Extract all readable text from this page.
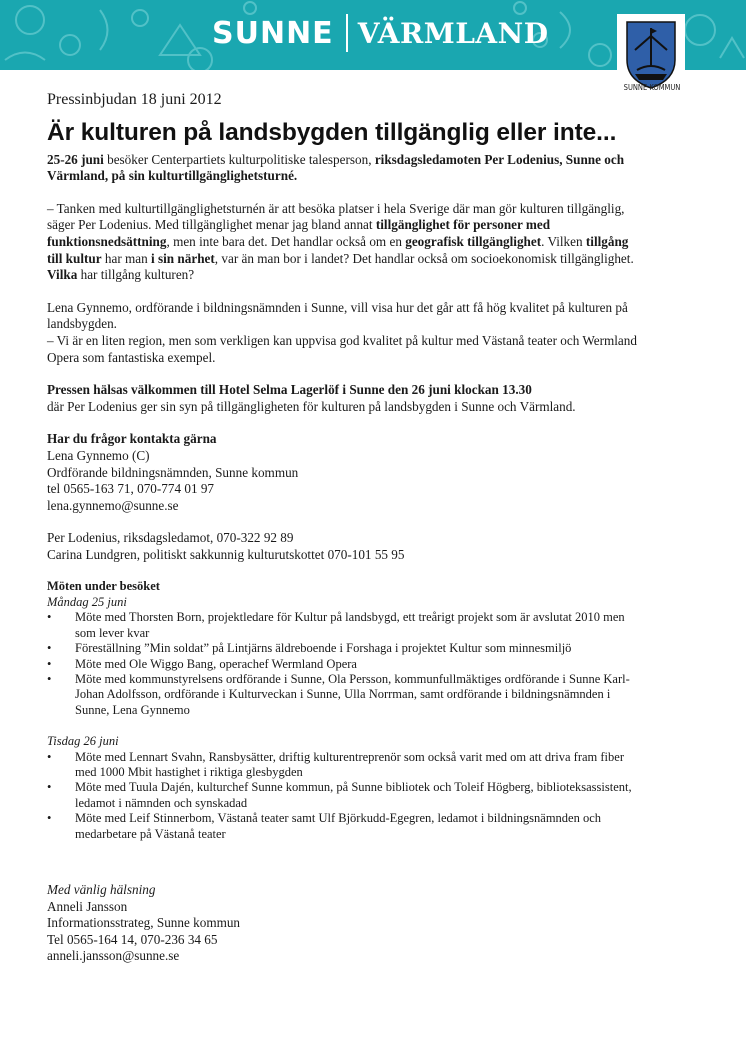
SUNNE VÄRMLAND
SUNNE KOMMUN

Pressinbjudan 18 juni 2012

Är kulturen på landsbygden tillgänglig eller inte...

25-26 juni besöker Centerpartiets kulturpolitiske talesperson, riksdagsledamoten Per Lodenius, Sunne och Värmland, på sin kulturtillgänglighetsturné.

– Tanken med kulturtillgänglighetsturnén är att besöka platser i hela Sverige där man gör kulturen tillgänglig, säger Per Lodenius. Med tillgänglighet menar jag bland annat tillgänglighet för personer med funktionsnedsättning, men inte bara det. Det handlar också om en geografisk tillgänglighet. Vilken tillgång till kultur har man i sin närhet, var än man bor i landet? Det handlar också om socioekonomisk tillgänglighet. Vilka har tillgång kulturen?

Lena Gynnemo, ordförande i bildningsnämnden i Sunne, vill visa hur det går att få hög kvalitet på kulturen på landsbygden.

– Vi är en liten region, men som verkligen kan uppvisa god kvalitet på kultur med Västanå teater och Wermland Opera som fantastiska exempel.

Pressen hälsas välkommen till Hotel Selma Lagerlöf i Sunne den 26 juni klockan 13.30

där Per Lodenius ger sin syn på tillgängligheten för kulturen på landsbygden i Sunne och Värmland.

Har du frågor kontakta gärna

Lena Gynnemo (C)

Ordförande bildningsnämnden, Sunne kommun

tel 0565-163 71, 070-774 01 97

lena.gynnemo@sunne.se

Per Lodenius, riksdagsledamot, 070-322 92 89

Carina Lundgren, politiskt sakkunnig kulturutskottet 070-101 55 95

Möten under besöket

Måndag 25 juni

• Möte med Thorsten Born, projektledare för Kultur på landsbygd, ett treårigt projekt som är avslutat 2010 men som lever kvar
• Föreställning ”Min soldat” på Lintjärns äldreboende i Forshaga i projektet Kultur som minnesmiljö
• Möte med Ole Wiggo Bang, operachef Wermland Opera
• Möte med kommunstyrelsens ordförande i Sunne, Ola Persson, kommunfullmäktiges ordförande i Sunne Karl-Johan Adolfsson, ordförande i Kulturveckan i Sunne, Ulla Norrman, samt ordförande i bildningsnämnden i Sunne, Lena Gynnemo

Tisdag 26 juni

• Möte med Lennart Svahn, Ransbysätter, driftig kulturentreprenör som också varit med om att driva fram fiber med 1000 Mbit hastighet i riktiga glesbygden
• Möte med Tuula Dajén, kulturchef Sunne kommun, på Sunne bibliotek och Toleif Högberg, biblioteksassistent, ledamot i nämnden och synskadad
• Möte med Leif Stinnerbom, Västanå teater samt Ulf Björkudd-Egegren, ledamot i bildningsnämnden och medarbetare på Västanå teater

Med vänlig hälsning

Anneli Jansson

Informationsstrateg, Sunne kommun

Tel 0565-164 14, 070-236 34 65

anneli.jansson@sunne.se
